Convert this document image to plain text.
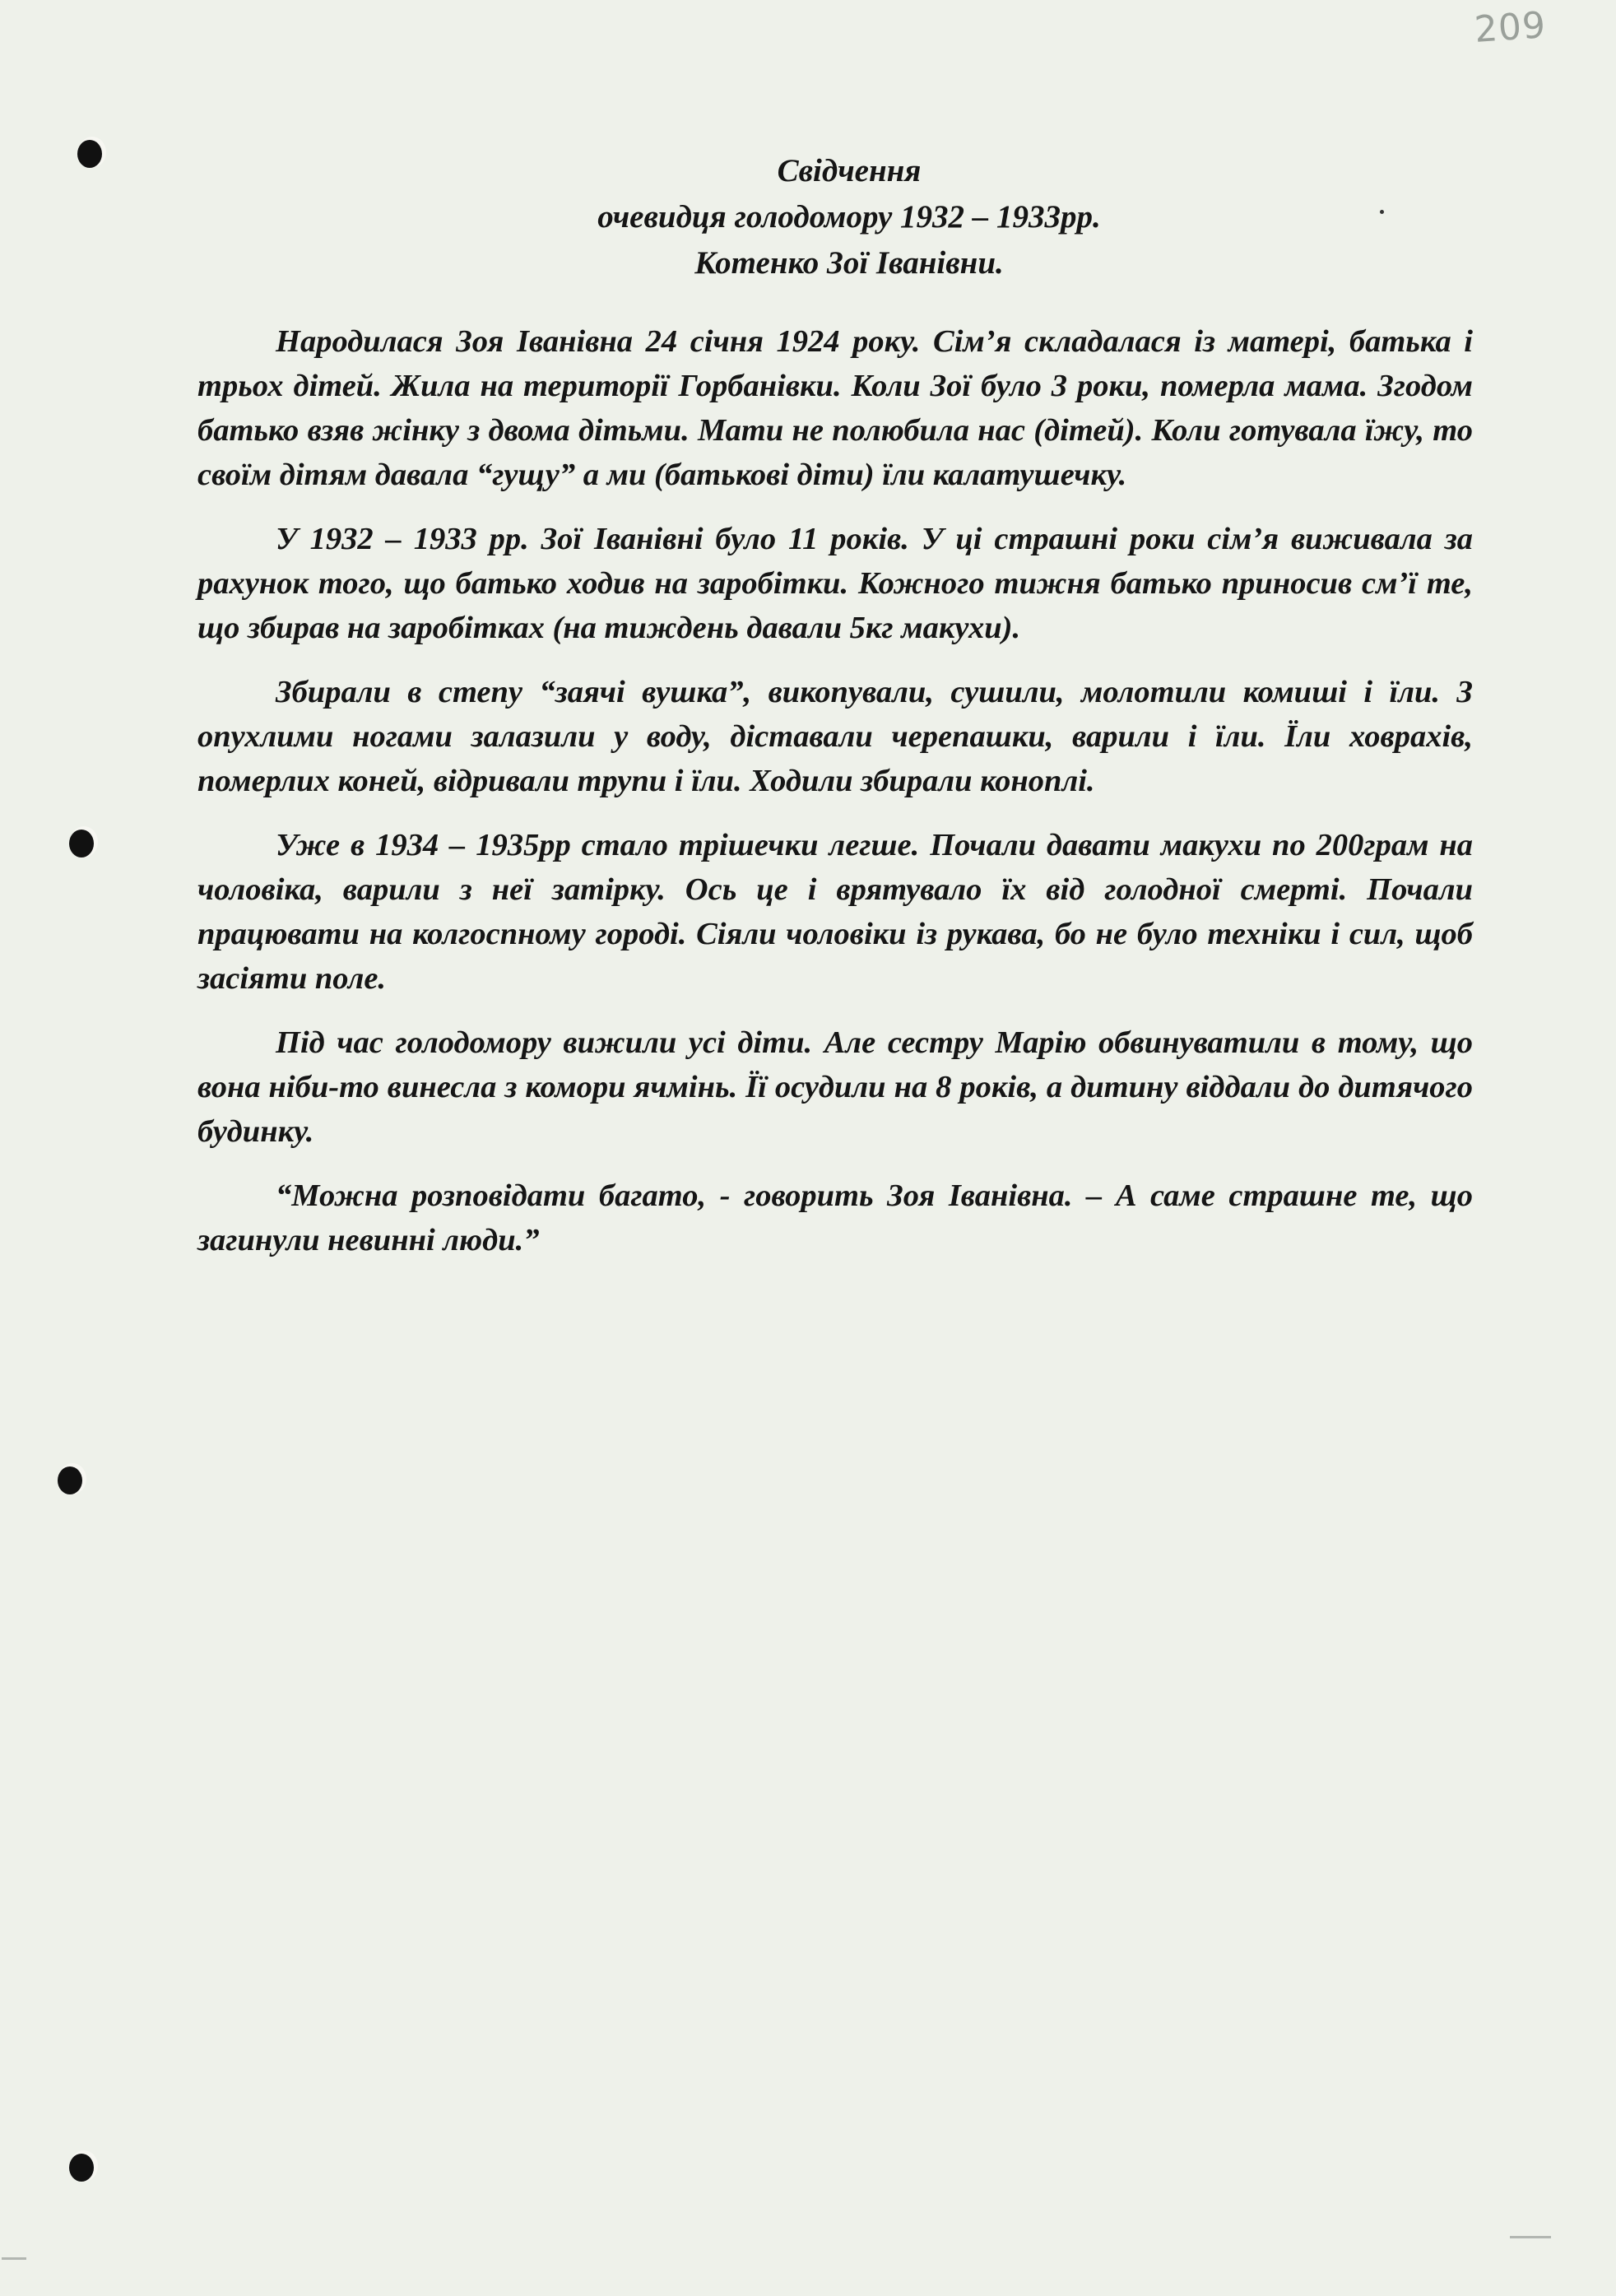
209
Свідчення
очевидця голодомору 1932 – 1933рр.
Котенко Зої Іванівни.

Народилася Зоя Іванівна 24 січня 1924 року. Сім’я складалася із матері, батька і трьох дітей. Жила на території Горбанівки. Коли Зої було 3 роки, померла мама. Згодом батько взяв жінку з двома дітьми. Мати не полюбила нас (дітей). Коли готувала їжу, то своїм дітям давала “гущу” а ми (батькові діти) їли калатушечку.

У 1932 – 1933 рр. Зої Іванівні було 11 років. У ці страшні роки сім’я виживала за рахунок того, що батько ходив на заробітки. Кожного тижня батько приносив см’ї те, що збирав на заробітках (на тиждень давали 5кг макухи).

Збирали в степу “заячі вушка”, викопували, сушили, молотили комиші і їли. З опухлими ногами залазили у воду, діставали черепашки, варили і їли. Їли ховрахів, померлих коней, відривали трупи і їли. Ходили збирали коноплі.

Уже в 1934 – 1935рр стало трішечки легше. Почали давати макухи по 200грам на чоловіка, варили з неї затірку. Ось це і врятувало їх від голодної смерті. Почали працювати на колгоспному городі. Сіяли чоловіки із рукава, бо не було техніки і сил, щоб засіяти поле.

Під час голодомору вижили усі діти. Але сестру Марію обвинуватили в тому, що вона ніби-то винесла з комори ячмінь. Її осудили на 8 років, а дитину віддали до дитячого будинку.

“Можна розповідати багато, - говорить Зоя Іванівна. – А саме страшне те, що загинули невинні люди.”
